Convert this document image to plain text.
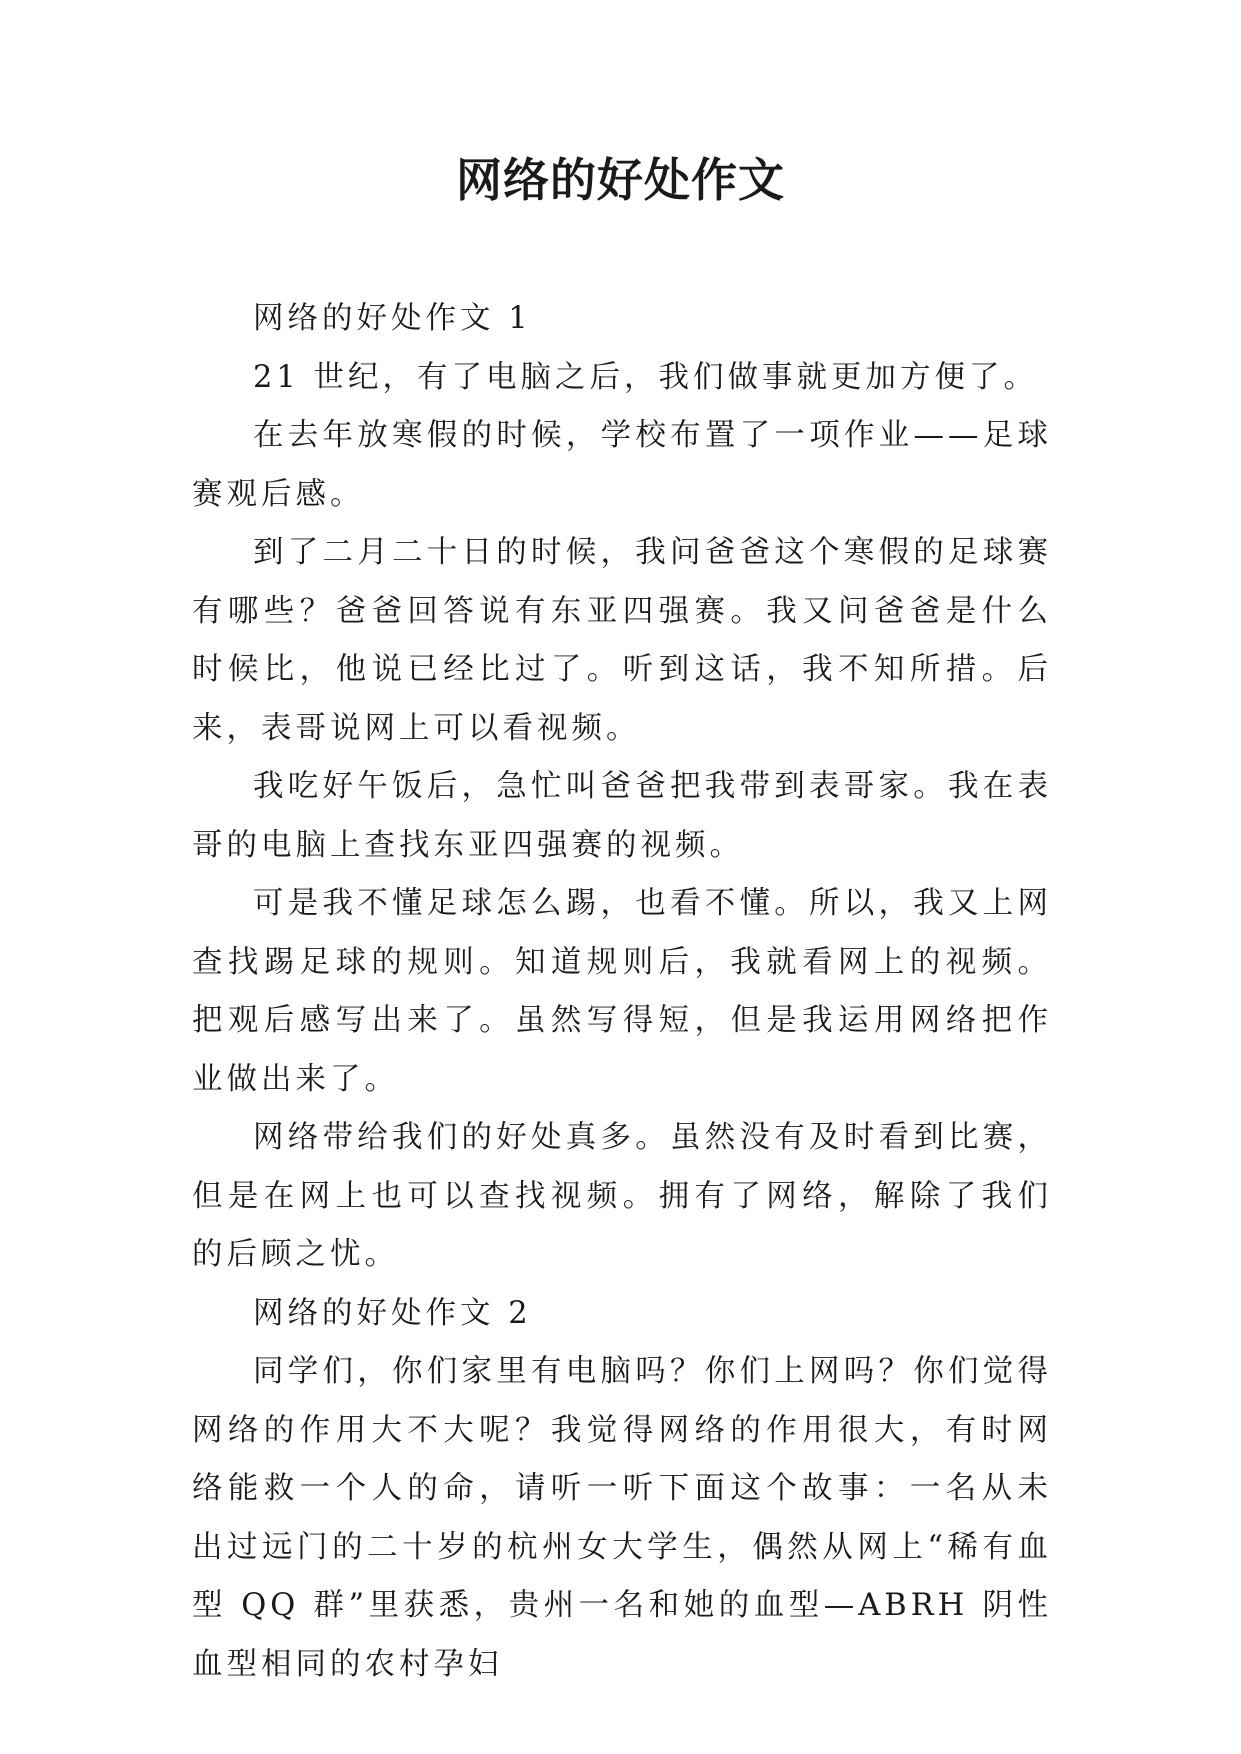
网络的好处作文

网络的好处作文 1

21 世纪，有了电脑之后，我们做事就更加方便了。

在去年放寒假的时候，学校布置了一项作业——足球赛观后感。

到了二月二十日的时候，我问爸爸这个寒假的足球赛有哪些？爸爸回答说有东亚四强赛。我又问爸爸是什么时候比，他说已经比过了。听到这话，我不知所措。后来，表哥说网上可以看视频。

我吃好午饭后，急忙叫爸爸把我带到表哥家。我在表哥的电脑上查找东亚四强赛的视频。

可是我不懂足球怎么踢，也看不懂。所以，我又上网查找踢足球的规则。知道规则后，我就看网上的视频。把观后感写出来了。虽然写得短，但是我运用网络把作业做出来了。

网络带给我们的好处真多。虽然没有及时看到比赛，但是在网上也可以查找视频。拥有了网络，解除了我们的后顾之忧。

网络的好处作文 2

同学们，你们家里有电脑吗？你们上网吗？你们觉得网络的作用大不大呢？我觉得网络的作用很大，有时网络能救一个人的命，请听一听下面这个故事：一名从未出过远门的二十岁的杭州女大学生，偶然从网上“稀有血型 QQ 群”里获悉，贵州一名和她的血型—ABRH 阴性血型相同的农村孕妇
